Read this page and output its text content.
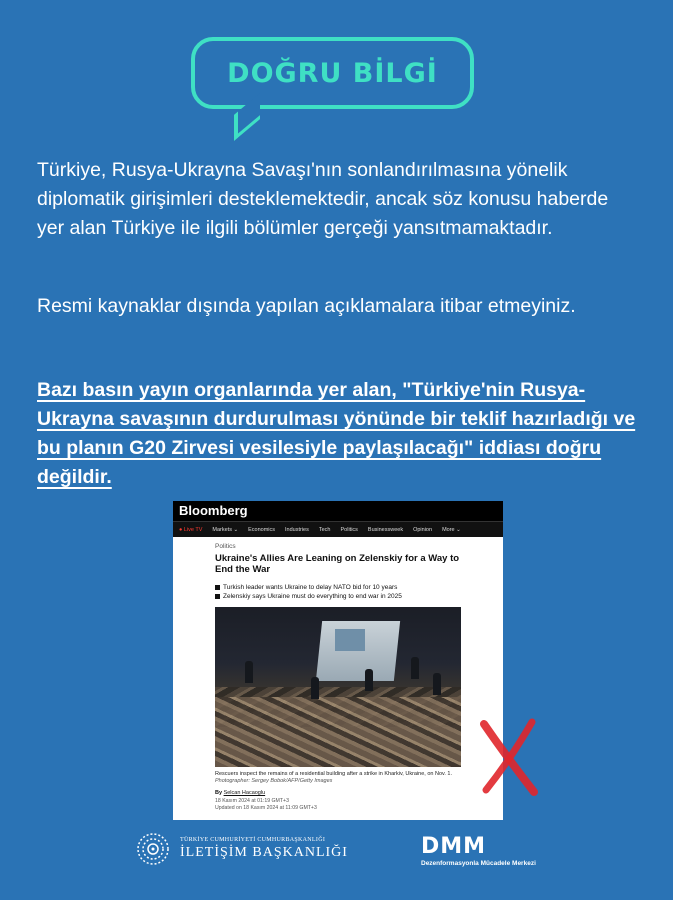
DOĞRU BİLGİ

Türkiye, Rusya-Ukrayna Savaşı'nın sonlandırılmasına yönelik diplomatik girişimleri desteklemektedir, ancak söz konusu haberde yer alan Türkiye ile ilgili bölümler gerçeği yansıtmamaktadır.

Resmi kaynaklar dışında yapılan açıklamalara itibar etmeyiniz.

Bazı basın yayın organlarında yer alan, "Türkiye'nin Rusya-Ukrayna savaşının durdurulması yönünde bir teklif hazırladığı ve bu planın G20 Zirvesi vesilesiyle paylaşılacağı" iddiası doğru değildir.

Bloomberg
● Live TV	Markets ⌄	Economics	Industries	Tech	Politics	Businessweek	Opinion	More ⌄

Politics

Ukraine's Allies Are Leaning on Zelenskiy for a Way to End the War

Turkish leader wants Ukraine to delay NATO bid for 10 years
Zelenskiy says Ukraine must do everything to end war in 2025
Rescuers inspect the remains of a residential building after a strike in Kharkiv, Ukraine, on Nov. 1. Photographer: Sergey Bobok/AFP/Getty Images
By Selcan Hacaoglu
18 Kasım 2024 at 01:19 GMT+3
Updated on 18 Kasım 2024 at 11:09 GMT+3
TÜRKİYE CUMHURİYETİ CUMHURBAŞKANLIĞI
İLETİŞİM BAŞKANLIĞI	DMM
Dezenformasyonla Mücadele Merkezi
